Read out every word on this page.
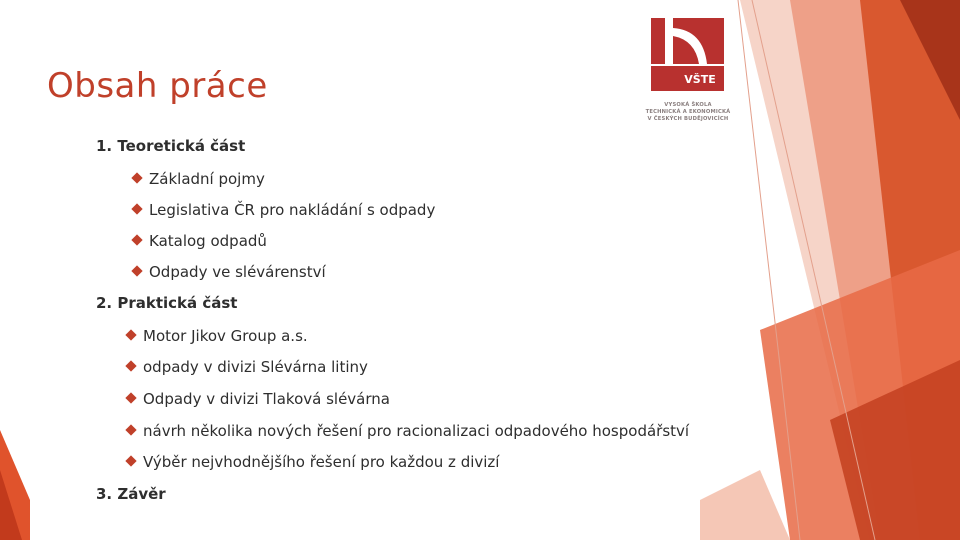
Obsah práce	VŠTE
VYSOKÁ ŠKOLA
TECHNICKÁ A EKONOMICKÁ
V ČESKÝCH BUDĚJOVICÍCH
1. Teoretická část
Základní pojmy
Legislativa ČR pro nakládání s odpady
Katalog odpadů
Odpady ve slévárenství
2. Praktická část
Motor Jikov Group a.s.
odpady v divizi Slévárna litiny
Odpady v divizi Tlaková slévárna
návrh několika nových řešení pro racionalizaci odpadového hospodářství
Výběr nejvhodnějšího řešení pro každou z divizí
3. Závěr
